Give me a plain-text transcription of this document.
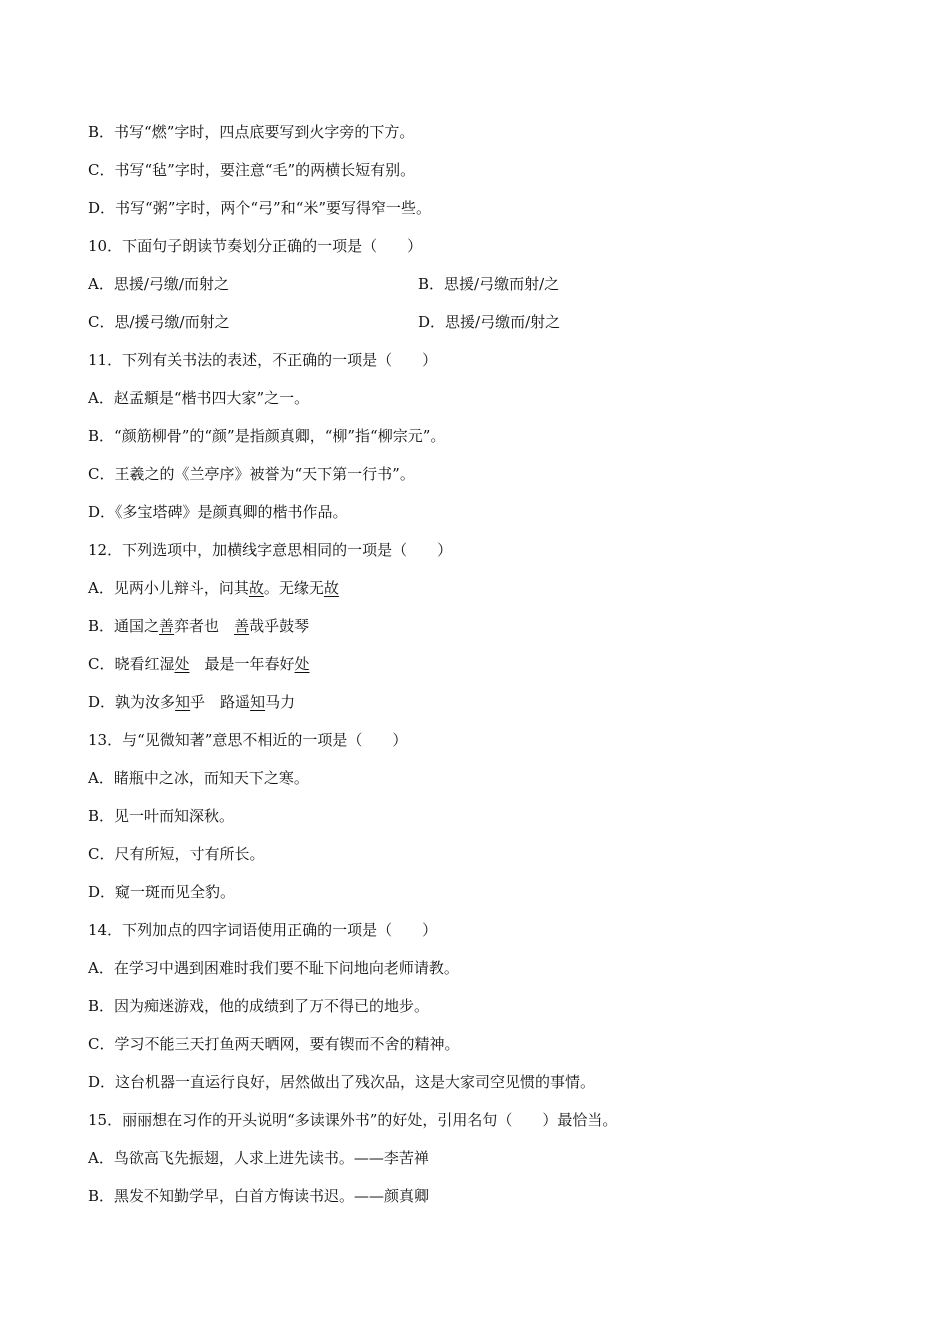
B．书写“燃”字时，四点底要写到火字旁的下方。
C．书写“毡”字时，要注意“毛”的两横长短有别。
D．书写“粥”字时，两个“弓”和“米”要写得窄一些。
10．下面句子朗读节奏划分正确的一项是（　　）
A．思援/弓缴/而射之	B．思援/弓缴而射/之
C．思/援弓缴/而射之	D．思援/弓缴而/射之
11．下列有关书法的表述，不正确的一项是（　　）
A．赵孟頫是“楷书四大家”之一。
B．“颜筋柳骨”的“颜”是指颜真卿，“柳”指“柳宗元”。
C．王羲之的《兰亭序》被誉为“天下第一行书”。
D．《多宝塔碑》是颜真卿的楷书作品。
12．下列选项中，加横线字意思相同的一项是（　　）
A．见两小儿辩斗，问其故。无缘无故
B．通国之善弈者也　善哉乎鼓琴
C．晓看红湿处　最是一年春好处
D．孰为汝多知乎　路遥知马力
13．与“见微知著”意思不相近的一项是（　　）
A．睹瓶中之冰，而知天下之寒。
B．见一叶而知深秋。
C．尺有所短，寸有所长。
D．窥一斑而见全豹。
14．下列加点的四字词语使用正确的一项是（　　）
A．在学习中遇到困难时我们要不耻下问地向老师请教。
B．因为痴迷游戏，他的成绩到了万不得已的地步。
C．学习不能三天打鱼两天晒网，要有锲而不舍的精神。
D．这台机器一直运行良好，居然做出了残次品，这是大家司空见惯的事情。
15．丽丽想在习作的开头说明“多读课外书”的好处，引用名句（　　）最恰当。
A．鸟欲高飞先振翅，人求上进先读书。——李苦禅
B．黑发不知勤学早，白首方悔读书迟。——颜真卿
